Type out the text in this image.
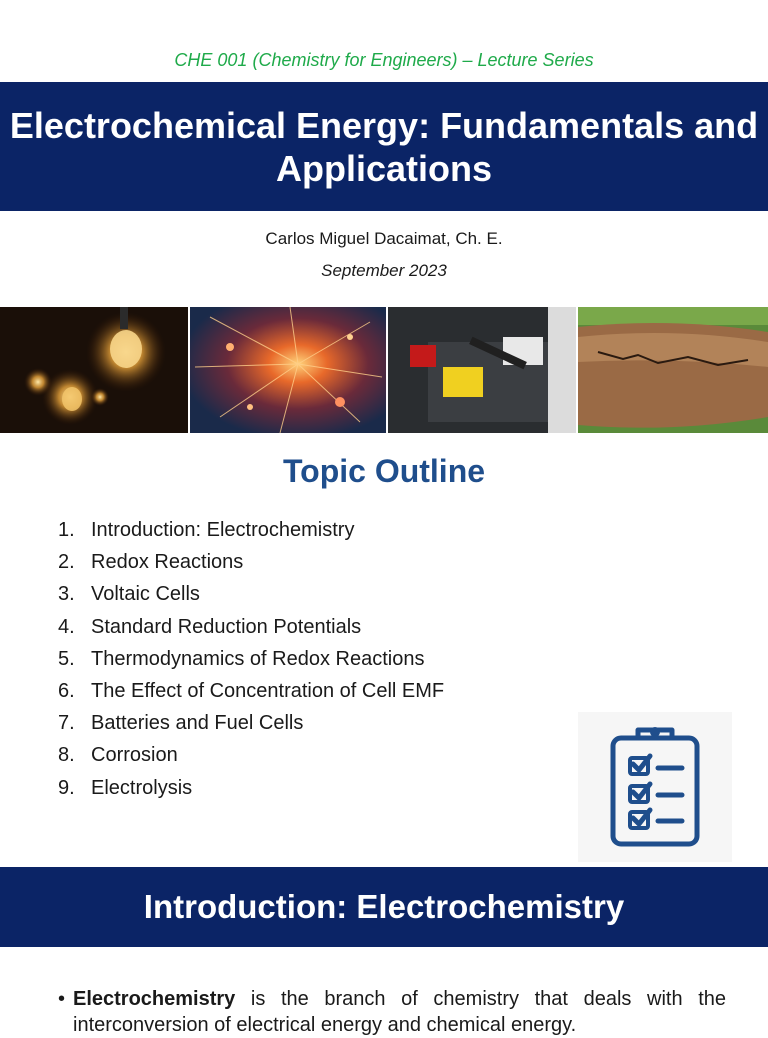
CHE 001 (Chemistry for Engineers) – Lecture Series
Electrochemical Energy: Fundamentals and Applications
Carlos Miguel Dacaimat, Ch. E.
September 2023
Topic Outline
1. Introduction: Electrochemistry
2. Redox Reactions
3. Voltaic Cells
4. Standard Reduction Potentials
5. Thermodynamics of Redox Reactions
6. The Effect of Concentration of Cell EMF
7. Batteries and Fuel Cells
8. Corrosion
9. Electrolysis
Introduction: Electrochemistry
• Electrochemistry is the branch of chemistry that deals with the interconversion of electrical energy and chemical energy.
